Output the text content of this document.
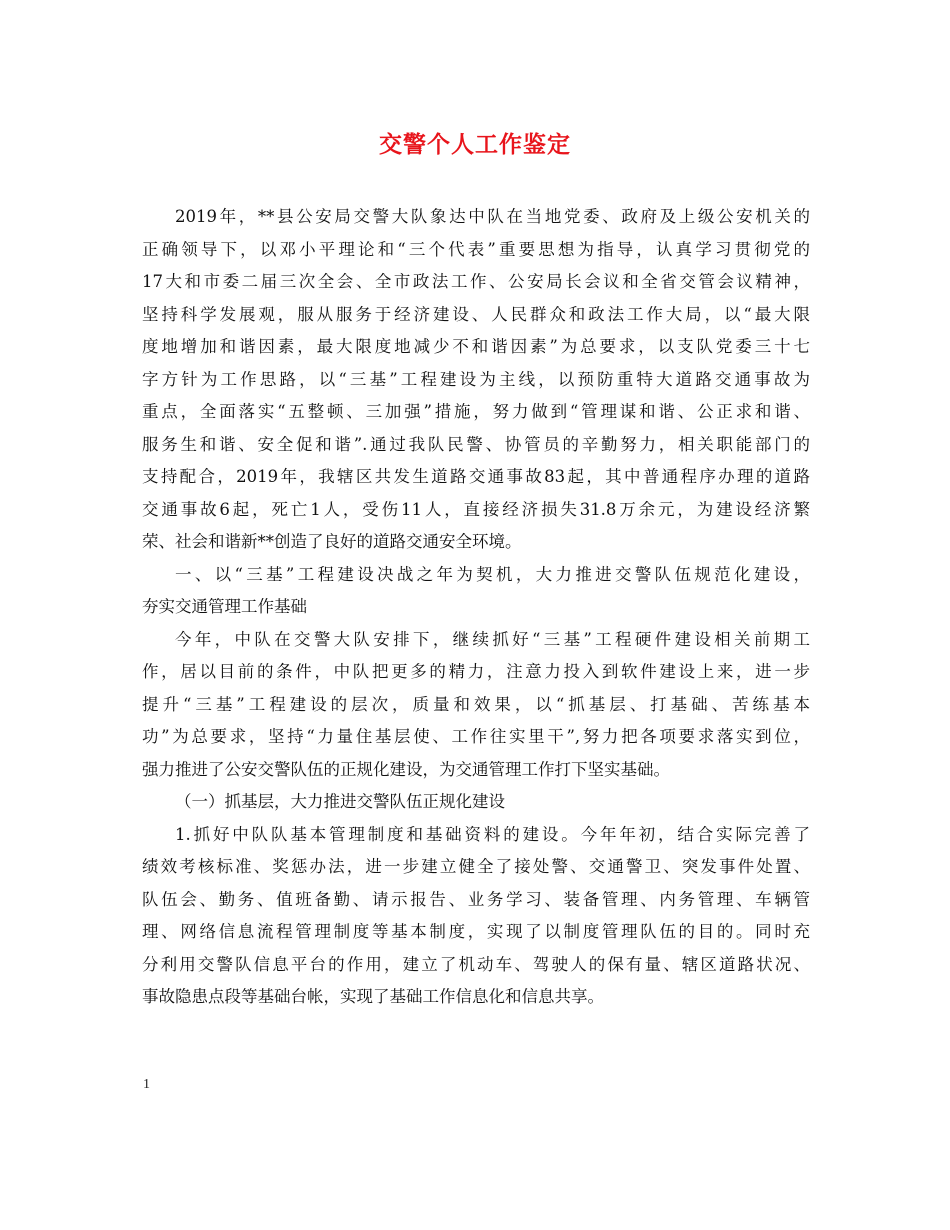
交警个人工作鉴定
2019年，**县公安局交警大队象达中队在当地党委、政府及上级公安机关的
正确领导下，以邓小平理论和“三个代表”重要思想为指导，认真学习贯彻党的
17大和市委二届三次全会、全市政法工作、公安局长会议和全省交管会议精神，
坚持科学发展观，服从服务于经济建设、人民群众和政法工作大局，以“最大限
度地增加和谐因素，最大限度地减少不和谐因素”为总要求，以支队党委三十七
字方针为工作思路，以“三基”工程建设为主线，以预防重特大道路交通事故为
重点，全面落实“五整顿、三加强”措施，努力做到“管理谋和谐、公正求和谐、
服务生和谐、安全促和谐”.通过我队民警、协管员的辛勤努力，相关职能部门的
支持配合，2019年，我辖区共发生道路交通事故83起，其中普通程序办理的道路
交通事故6起，死亡1人，受伤11人，直接经济损失31.8万余元，为建设经济繁
荣、社会和谐新**创造了良好的道路交通安全环境。
一、以“三基”工程建设决战之年为契机，大力推进交警队伍规范化建设，
夯实交通管理工作基础
今年，中队在交警大队安排下，继续抓好“三基”工程硬件建设相关前期工
作，居以目前的条件，中队把更多的精力，注意力投入到软件建设上来，进一步
提升“三基”工程建设的层次，质量和效果，以“抓基层、打基础、苦练基本
功”为总要求，坚持“力量住基层使、工作往实里干”,努力把各项要求落实到位，
强力推进了公安交警队伍的正规化建设，为交通管理工作打下坚实基础。
（一）抓基层，大力推进交警队伍正规化建设
1.抓好中队队基本管理制度和基础资料的建设。今年年初，结合实际完善了
绩效考核标准、奖惩办法，进一步建立健全了接处警、交通警卫、突发事件处置、
队伍会、勤务、值班备勤、请示报告、业务学习、装备管理、内务管理、车辆管
理、网络信息流程管理制度等基本制度，实现了以制度管理队伍的目的。同时充
分利用交警队信息平台的作用，建立了机动车、驾驶人的保有量、辖区道路状况、
事故隐患点段等基础台帐，实现了基础工作信息化和信息共享。
1
